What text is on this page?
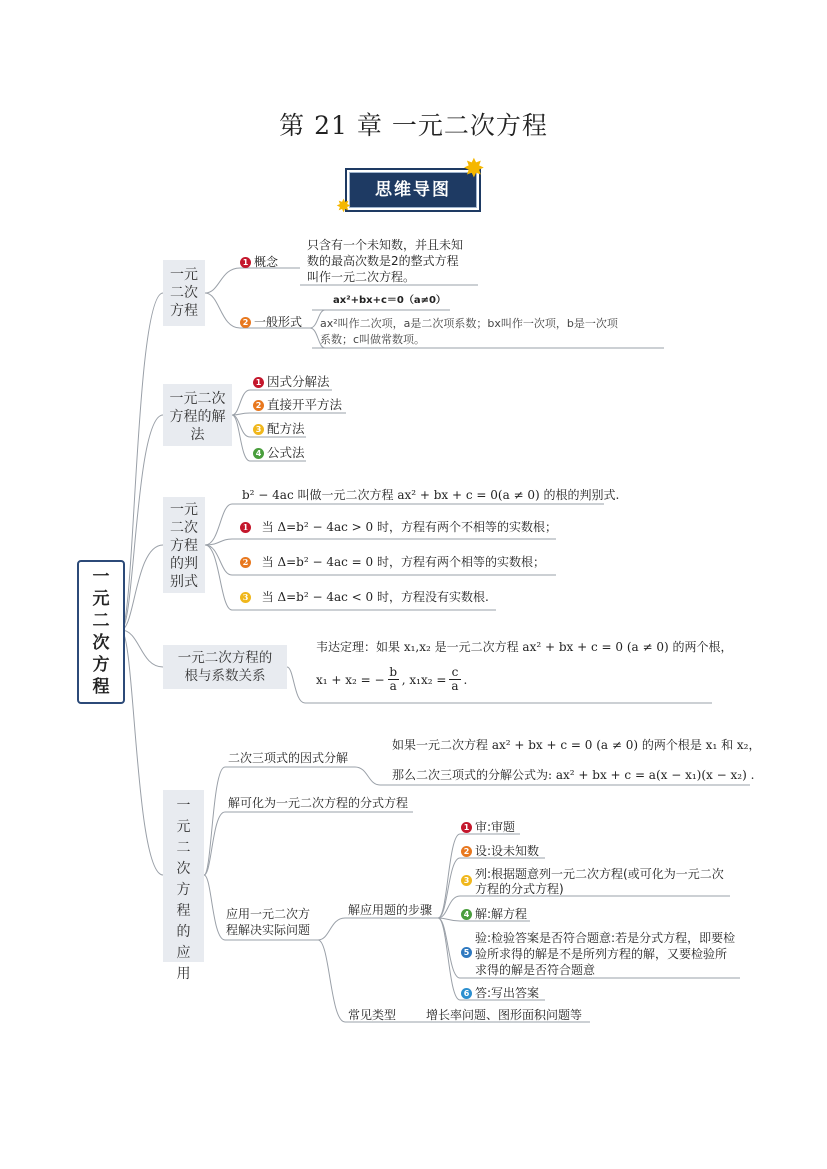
第 21 章 一元二次方程
思维导图
✸
✸
一
元
二
次
方
程
一元
二次
方程
1 概念
只含有一个未知数，并且未知
数的最高次数是2的整式方程
叫作一元二次方程。
2 一般形式
ax²+bx+c＝0（a≠0）
ax²叫作二次项，a是二次项系数；bx叫作一次项，b是一次项
系数；c叫做常数项。
一元二次
方程的解
法
1 因式分解法
2 直接开平方法
3 配方法
4 公式法
一元
二次
方程
的判
别式
b² − 4ac 叫做一元二次方程 ax² + bx + c = 0(a ≠ 0) 的根的判别式.
1 当 Δ=b² − 4ac > 0 时，方程有两个不相等的实数根；
2 当 Δ=b² − 4ac = 0 时，方程有两个相等的实数根；
3 当 Δ=b² − 4ac < 0 时，方程没有实数根.
一元二次方程的
根与系数关系
韦达定理：如果 x₁,x₂ 是一元二次方程 ax² + bx + c = 0 (a ≠ 0) 的两个根，
x₁ + x₂ = − $\frac{b}{a}$ , $x_1x_2 = \frac{c}{a}$ .
一
元
二
次
方
程
的
应
用
二次三项式的因式分解
如果一元二次方程 ax² + bx + c = 0 (a ≠ 0) 的两个根是 x₁ 和 x₂，
那么二次三项式的分解公式为: ax² + bx + c = a(x − x₁)(x − x₂) .
解可化为一元二次方程的分式方程
应用一元二次方
程解决实际问题
解应用题的步骤
1 审:审题
2 设:设未知数
3 列:根据题意列一元二次方程(或可化为一元二次
方程的分式方程)
4 解:解方程
5验:检验答案是否符合题意:若是分式方程，即要检
验所求得的解是不是所列方程的解，又要检验所
求得的解是否符合题意
6 答:写出答案
常见类型 增长率问题、图形面积问题等
